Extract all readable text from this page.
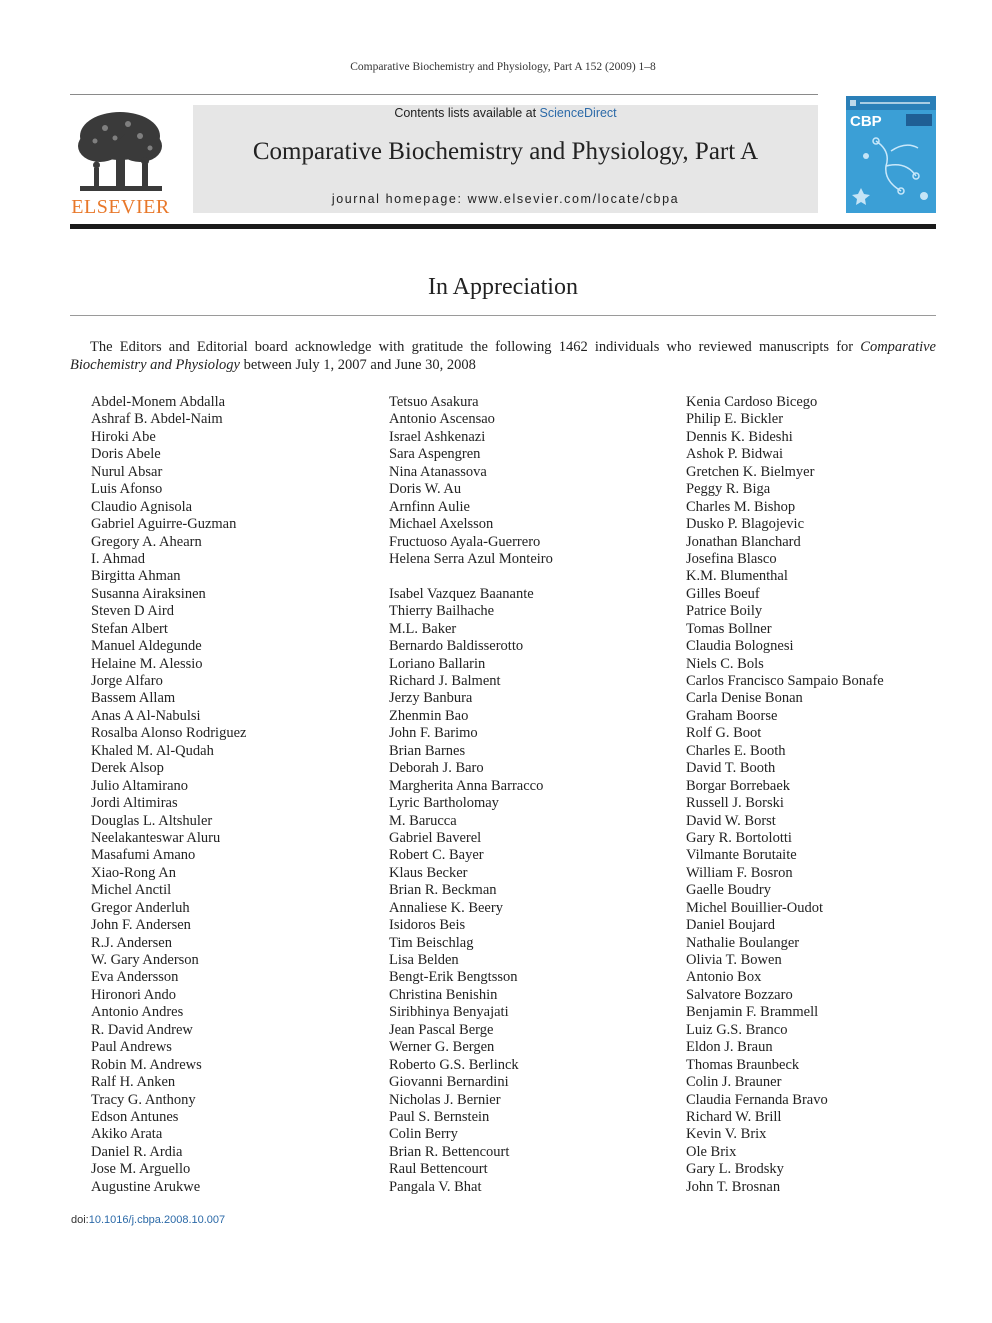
Comparative Biochemistry and Physiology, Part A 152 (2009) 1–8
ELSEVIER
Contents lists available at ScienceDirect
Comparative Biochemistry and Physiology, Part A
journal homepage: www.elsevier.com/locate/cbpa
CBP
In Appreciation
The Editors and Editorial board acknowledge with gratitude the following 1462 individuals who reviewed manuscripts for Comparative Biochemistry and Physiology between July 1, 2007 and June 30, 2008
Abdel-Monem Abdalla
Ashraf B. Abdel-Naim
Hiroki Abe
Doris Abele
Nurul Absar
Luis Afonso
Claudio Agnisola
Gabriel Aguirre-Guzman
Gregory A. Ahearn
I. Ahmad
Birgitta Ahman
Susanna Airaksinen
Steven D Aird
Stefan Albert
Manuel Aldegunde
Helaine M. Alessio
Jorge Alfaro
Bassem Allam
Anas A Al-Nabulsi
Rosalba Alonso Rodriguez
Khaled M. Al-Qudah
Derek Alsop
Julio Altamirano
Jordi Altimiras
Douglas L. Altshuler
Neelakanteswar Aluru
Masafumi Amano
Xiao-Rong An
Michel Anctil
Gregor Anderluh
John F. Andersen
R.J. Andersen
W. Gary Anderson
Eva Andersson
Hironori Ando
Antonio Andres
R. David Andrew
Paul Andrews
Robin M. Andrews
Ralf H. Anken
Tracy G. Anthony
Edson Antunes
Akiko Arata
Daniel R. Ardia
Jose M. Arguello
Augustine Arukwe
Tetsuo Asakura
Antonio Ascensao
Israel Ashkenazi
Sara Aspengren
Nina Atanassova
Doris W. Au
Arnfinn Aulie
Michael Axelsson
Fructuoso Ayala-Guerrero
Helena Serra Azul Monteiro
Isabel Vazquez Baanante
Thierry Bailhache
M.L. Baker
Bernardo Baldisserotto
Loriano Ballarin
Richard J. Balment
Jerzy Banbura
Zhenmin Bao
John F. Barimo
Brian Barnes
Deborah J. Baro
Margherita Anna Barracco
Lyric Bartholomay
M. Barucca
Gabriel Baverel
Robert C. Bayer
Klaus Becker
Brian R. Beckman
Annaliese K. Beery
Isidoros Beis
Tim Beischlag
Lisa Belden
Bengt-Erik Bengtsson
Christina Benishin
Siribhinya Benyajati
Jean Pascal Berge
Werner G. Bergen
Roberto G.S. Berlinck
Giovanni Bernardini
Nicholas J. Bernier
Paul S. Bernstein
Colin Berry
Brian R. Bettencourt
Raul Bettencourt
Pangala V. Bhat
Kenia Cardoso Bicego
Philip E. Bickler
Dennis K. Bideshi
Ashok P. Bidwai
Gretchen K. Bielmyer
Peggy R. Biga
Charles M. Bishop
Dusko P. Blagojevic
Jonathan Blanchard
Josefina Blasco
K.M. Blumenthal
Gilles Boeuf
Patrice Boily
Tomas Bollner
Claudia Bolognesi
Niels C. Bols
Carlos Francisco Sampaio Bonafe
Carla Denise Bonan
Graham Boorse
Rolf G. Boot
Charles E. Booth
David T. Booth
Borgar Borrebaek
Russell J. Borski
David W. Borst
Gary R. Bortolotti
Vilmante Borutaite
William F. Bosron
Gaelle Boudry
Michel Bouillier-Oudot
Daniel Boujard
Nathalie Boulanger
Olivia T. Bowen
Antonio Box
Salvatore Bozzaro
Benjamin F. Brammell
Luiz G.S. Branco
Eldon J. Braun
Thomas Braunbeck
Colin J. Brauner
Claudia Fernanda Bravo
Richard W. Brill
Kevin V. Brix
Ole Brix
Gary L. Brodsky
John T. Brosnan
doi:10.1016/j.cbpa.2008.10.007
